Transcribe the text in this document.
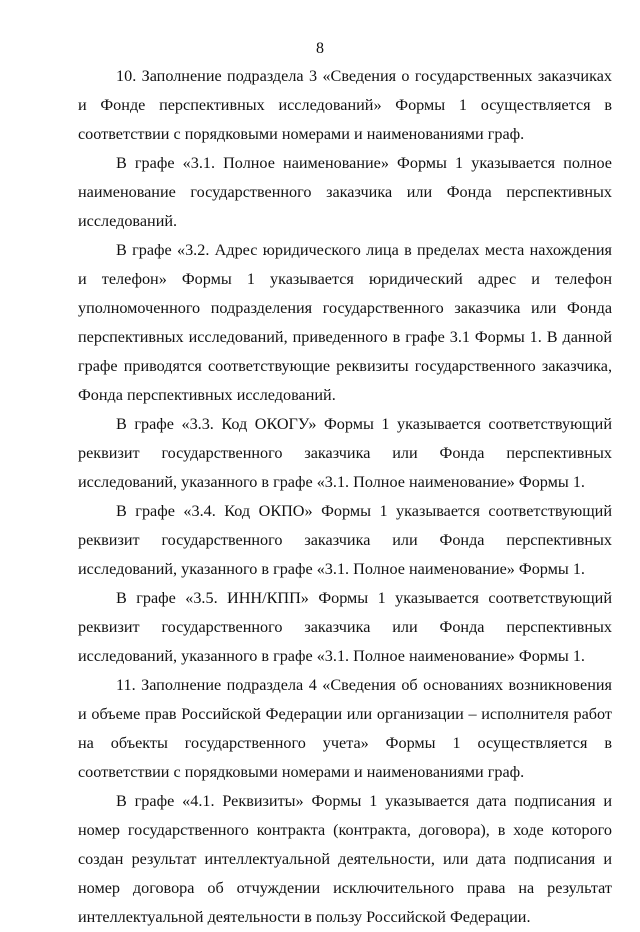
8

10. Заполнение подраздела 3 «Сведения о государственных заказчиках и Фонде перспективных исследований» Формы 1 осуществляется в соответствии с порядковыми номерами и наименованиями граф.

В графе «3.1. Полное наименование» Формы 1 указывается полное наименование государственного заказчика или Фонда перспективных исследований.

В графе «3.2. Адрес юридического лица в пределах места нахождения и телефон» Формы 1 указывается юридический адрес и телефон уполномоченного подразделения государственного заказчика или Фонда перспективных исследований, приведенного в графе 3.1 Формы 1. В данной графе приводятся соответствующие реквизиты государственного заказчика, Фонда перспективных исследований.

В графе «3.3. Код ОКОГУ» Формы 1 указывается соответствующий реквизит государственного заказчика или Фонда перспективных исследований, указанного в графе «3.1. Полное наименование» Формы 1.

В графе «3.4. Код ОКПО» Формы 1 указывается соответствующий реквизит государственного заказчика или Фонда перспективных исследований, указанного в графе «3.1. Полное наименование» Формы 1.

В графе «3.5. ИНН/КПП» Формы 1 указывается соответствующий реквизит государственного заказчика или Фонда перспективных исследований, указанного в графе «3.1. Полное наименование» Формы 1.

11. Заполнение подраздела 4 «Сведения об основаниях возникновения и объеме прав Российской Федерации или организации – исполнителя работ на объекты государственного учета» Формы 1 осуществляется в соответствии с порядковыми номерами и наименованиями граф.

В графе «4.1. Реквизиты» Формы 1 указывается дата подписания и номер государственного контракта (контракта, договора), в ходе которого создан результат интеллектуальной деятельности, или дата подписания и номер договора об отчуждении исключительного права на результат интеллектуальной деятельности в пользу Российской Федерации.
